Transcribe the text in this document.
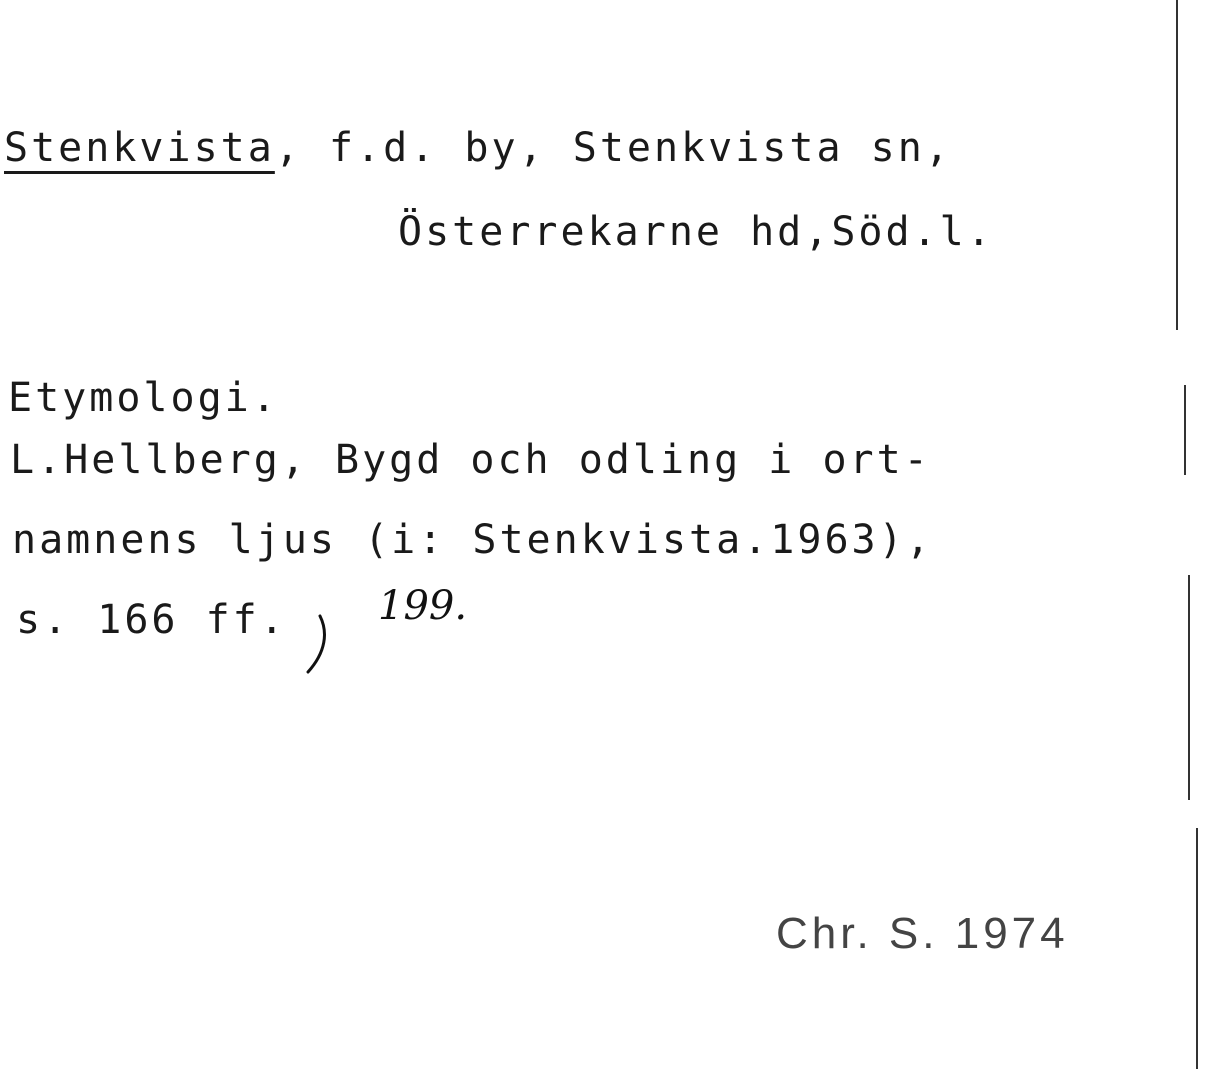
Stenkvista, f.d. by, Stenkvista sn,
Österrekarne hd,Söd.l.
Etymologi.
L.Hellberg, Bygd och odling i ort-
namnens ljus (i: Stenkvista.1963),
s. 166 ff. 199.
Chr. S. 1974
